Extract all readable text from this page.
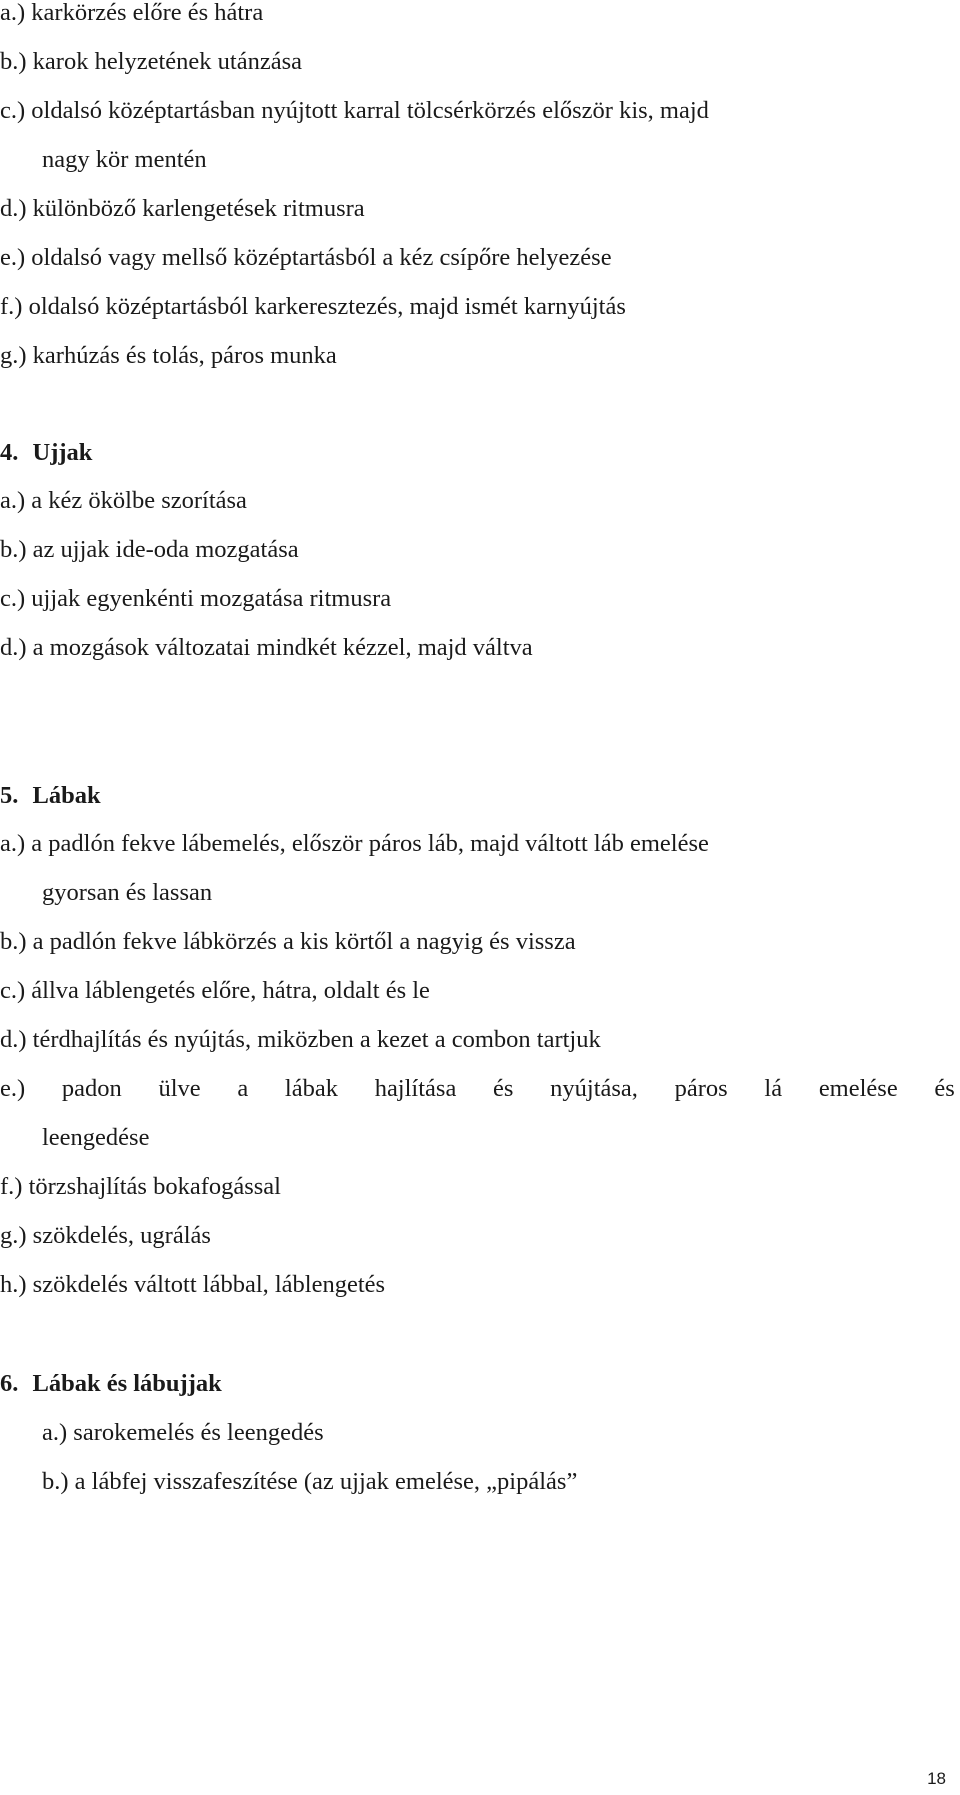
a.) karkörzés előre és hátra
b.) karok helyzetének utánzása
c.) oldalsó középtartásban nyújtott karral tölcsérkörzés először kis, majd
nagy kör mentén
d.) különböző karlengetések ritmusra
e.) oldalsó vagy mellső középtartásból a kéz csípőre helyezése
f.) oldalsó középtartásból karkeresztezés, majd ismét karnyújtás
g.) karhúzás és tolás, páros munka
4. Ujjak
a.) a kéz ökölbe szorítása
b.) az ujjak ide-oda mozgatása
c.) ujjak egyenkénti mozgatása ritmusra
d.) a mozgások változatai mindkét kézzel, majd váltva
5. Lábak
a.) a padlón fekve lábemelés, először páros láb, majd váltott láb emelése
gyorsan és lassan
b.) a padlón fekve lábkörzés a kis körtől a nagyig és vissza
c.) állva láblengetés előre, hátra, oldalt és le
d.) térdhajlítás és nyújtás, miközben a kezet a combon tartjuk
e.) padon ülve a lábak hajlítása és nyújtása, páros lá emelése és
leengedése
f.) törzshajlítás bokafogással
g.) szökdelés, ugrálás
h.) szökdelés váltott lábbal, láblengetés
6. Lábak és lábujjak
a.) sarokemelés és leengedés
b.) a lábfej visszafeszítése (az ujjak emelése, „pipálás”
18
